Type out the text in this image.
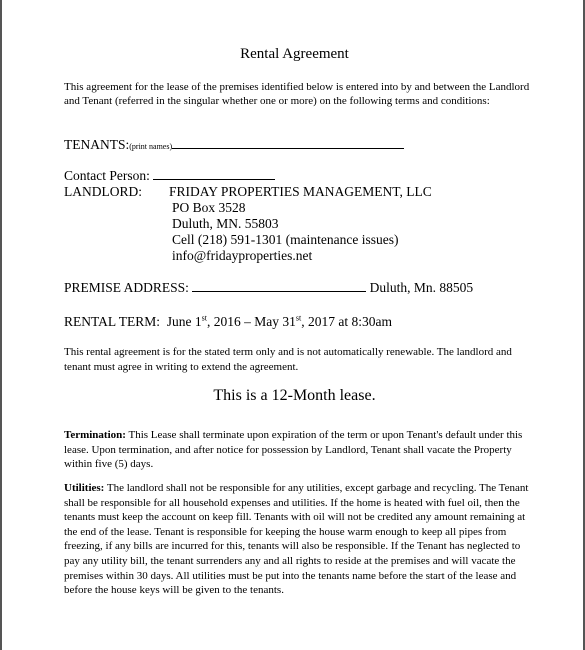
Rental Agreement
This agreement for the lease of the premises identified below is entered into by and between the Landlord and Tenant (referred in the singular whether one or more) on the following terms and conditions:
TENANTS:(print names)
Contact Person:
LANDLORD: FRIDAY PROPERTIES MANAGEMENT, LLC
PO Box 3528
Duluth, MN. 55803
Cell (218) 591-1301 (maintenance issues)
info@fridayproperties.net
PREMISE ADDRESS:	Duluth, Mn. 88505
RENTAL TERM: June 1st, 2016 – May 31st, 2017 at 8:30am
This rental agreement is for the stated term only and is not automatically renewable. The landlord and tenant must agree in writing to extend the agreement.
This is a 12-Month lease.
Termination: This Lease shall terminate upon expiration of the term or upon Tenant's default under this lease. Upon termination, and after notice for possession by Landlord, Tenant shall vacate the Property within five (5) days.
Utilities: The landlord shall not be responsible for any utilities, except garbage and recycling. The Tenant shall be responsible for all household expenses and utilities. If the home is heated with fuel oil, then the tenants must keep the account on keep fill. Tenants with oil will not be credited any amount remaining at the end of the lease. Tenant is responsible for keeping the house warm enough to keep all pipes from freezing, if any bills are incurred for this, tenants will also be responsible. If the Tenant has neglected to pay any utility bill, the tenant surrenders any and all rights to reside at the premises and will vacate the premises within 30 days. All utilities must be put into the tenants name before the start of the lease and before the house keys will be given to the tenants.
